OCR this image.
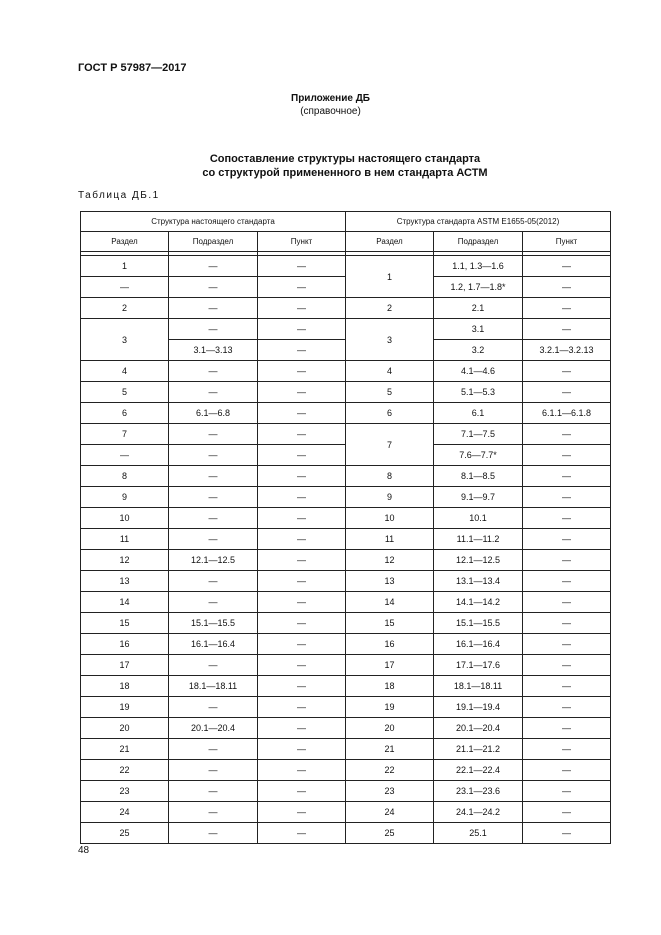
ГОСТ Р 57987—2017
Приложение ДБ
(справочное)
Сопоставление структуры настоящего стандарта
со структурой примененного в нем стандарта АСТМ
Таблица ДБ.1
Структура настоящего стандарта			Структура стандарта ASTM E1655-05(2012)		
Раздел	Подраздел	Пункт	Раздел	Подраздел	Пункт

1	—	—	1	1.1, 1.3—1.6	—
—	—	—		1.2, 1.7—1.8*	—
2	—	—	2	2.1	—
3	—	—	3	3.1	—
	3.1—3.13	—		3.2	3.2.1—3.2.13
4	—	—	4	4.1—4.6	—
5	—	—	5	5.1—5.3	—
6	6.1—6.8	—	6	6.1	6.1.1—6.1.8
7	—	—	7	7.1—7.5	—
—	—	—		7.6—7.7*	—
8	—	—	8	8.1—8.5	—
9	—	—	9	9.1—9.7	—
10	—	—	10	10.1	—
11	—	—	11	11.1—11.2	—
12	12.1—12.5	—	12	12.1—12.5	—
13	—	—	13	13.1—13.4	—
14	—	—	14	14.1—14.2	—
15	15.1—15.5	—	15	15.1—15.5	—
16	16.1—16.4	—	16	16.1—16.4	—
17	—	—	17	17.1—17.6	—
18	18.1—18.11	—	18	18.1—18.11	—
19	—	—	19	19.1—19.4	—
20	20.1—20.4	—	20	20.1—20.4	—
21	—	—	21	21.1—21.2	—
22	—	—	22	22.1—22.4	—
23	—	—	23	23.1—23.6	—
24	—	—	24	24.1—24.2	—
25	—	—	25	25.1	—
48
